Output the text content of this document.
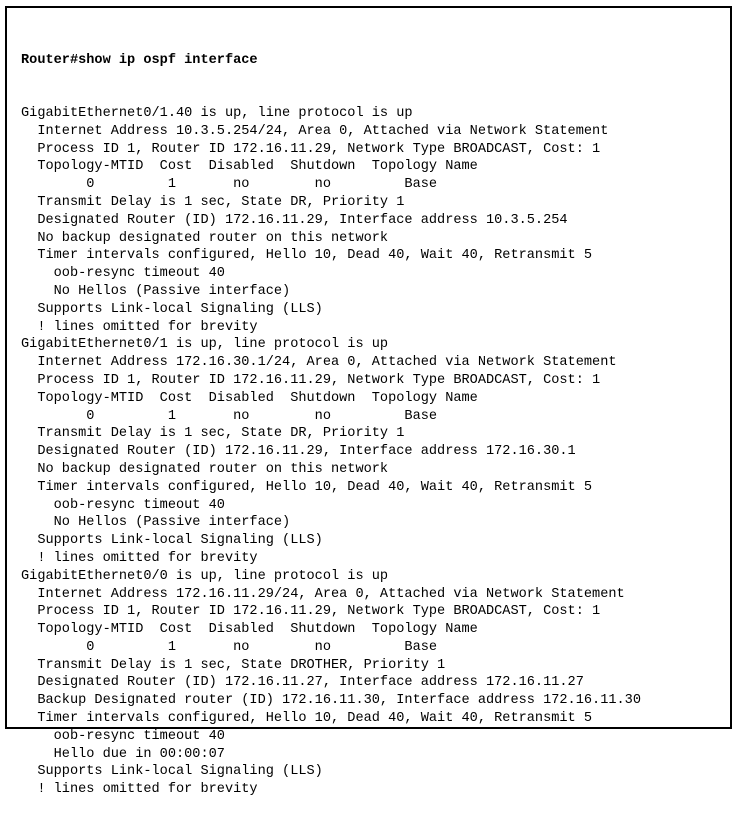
Router#show ip ospf interface

GigabitEthernet0/1.40 is up, line protocol is up
Internet Address 10.3.5.254/24, Area 0, Attached via Network Statement
Process ID 1, Router ID 172.16.11.29, Network Type BROADCAST, Cost: 1
Topology-MTID  Cost  Disabled  Shutdown  Topology Name
0         1       no        no         Base
Transmit Delay is 1 sec, State DR, Priority 1
Designated Router (ID) 172.16.11.29, Interface address 10.3.5.254
No backup designated router on this network
Timer intervals configured, Hello 10, Dead 40, Wait 40, Retransmit 5
oob-resync timeout 40
No Hellos (Passive interface)
Supports Link-local Signaling (LLS)
! lines omitted for brevity
GigabitEthernet0/1 is up, line protocol is up
Internet Address 172.16.30.1/24, Area 0, Attached via Network Statement
Process ID 1, Router ID 172.16.11.29, Network Type BROADCAST, Cost: 1
Topology-MTID  Cost  Disabled  Shutdown  Topology Name
0         1       no        no         Base
Transmit Delay is 1 sec, State DR, Priority 1
Designated Router (ID) 172.16.11.29, Interface address 172.16.30.1
No backup designated router on this network
Timer intervals configured, Hello 10, Dead 40, Wait 40, Retransmit 5
oob-resync timeout 40
No Hellos (Passive interface)
Supports Link-local Signaling (LLS)
! lines omitted for brevity
GigabitEthernet0/0 is up, line protocol is up
Internet Address 172.16.11.29/24, Area 0, Attached via Network Statement
Process ID 1, Router ID 172.16.11.29, Network Type BROADCAST, Cost: 1
Topology-MTID  Cost  Disabled  Shutdown  Topology Name
0         1       no        no         Base
Transmit Delay is 1 sec, State DROTHER, Priority 1
Designated Router (ID) 172.16.11.27, Interface address 172.16.11.27
Backup Designated router (ID) 172.16.11.30, Interface address 172.16.11.30
Timer intervals configured, Hello 10, Dead 40, Wait 40, Retransmit 5
oob-resync timeout 40
Hello due in 00:00:07
Supports Link-local Signaling (LLS)
! lines omitted for brevity
